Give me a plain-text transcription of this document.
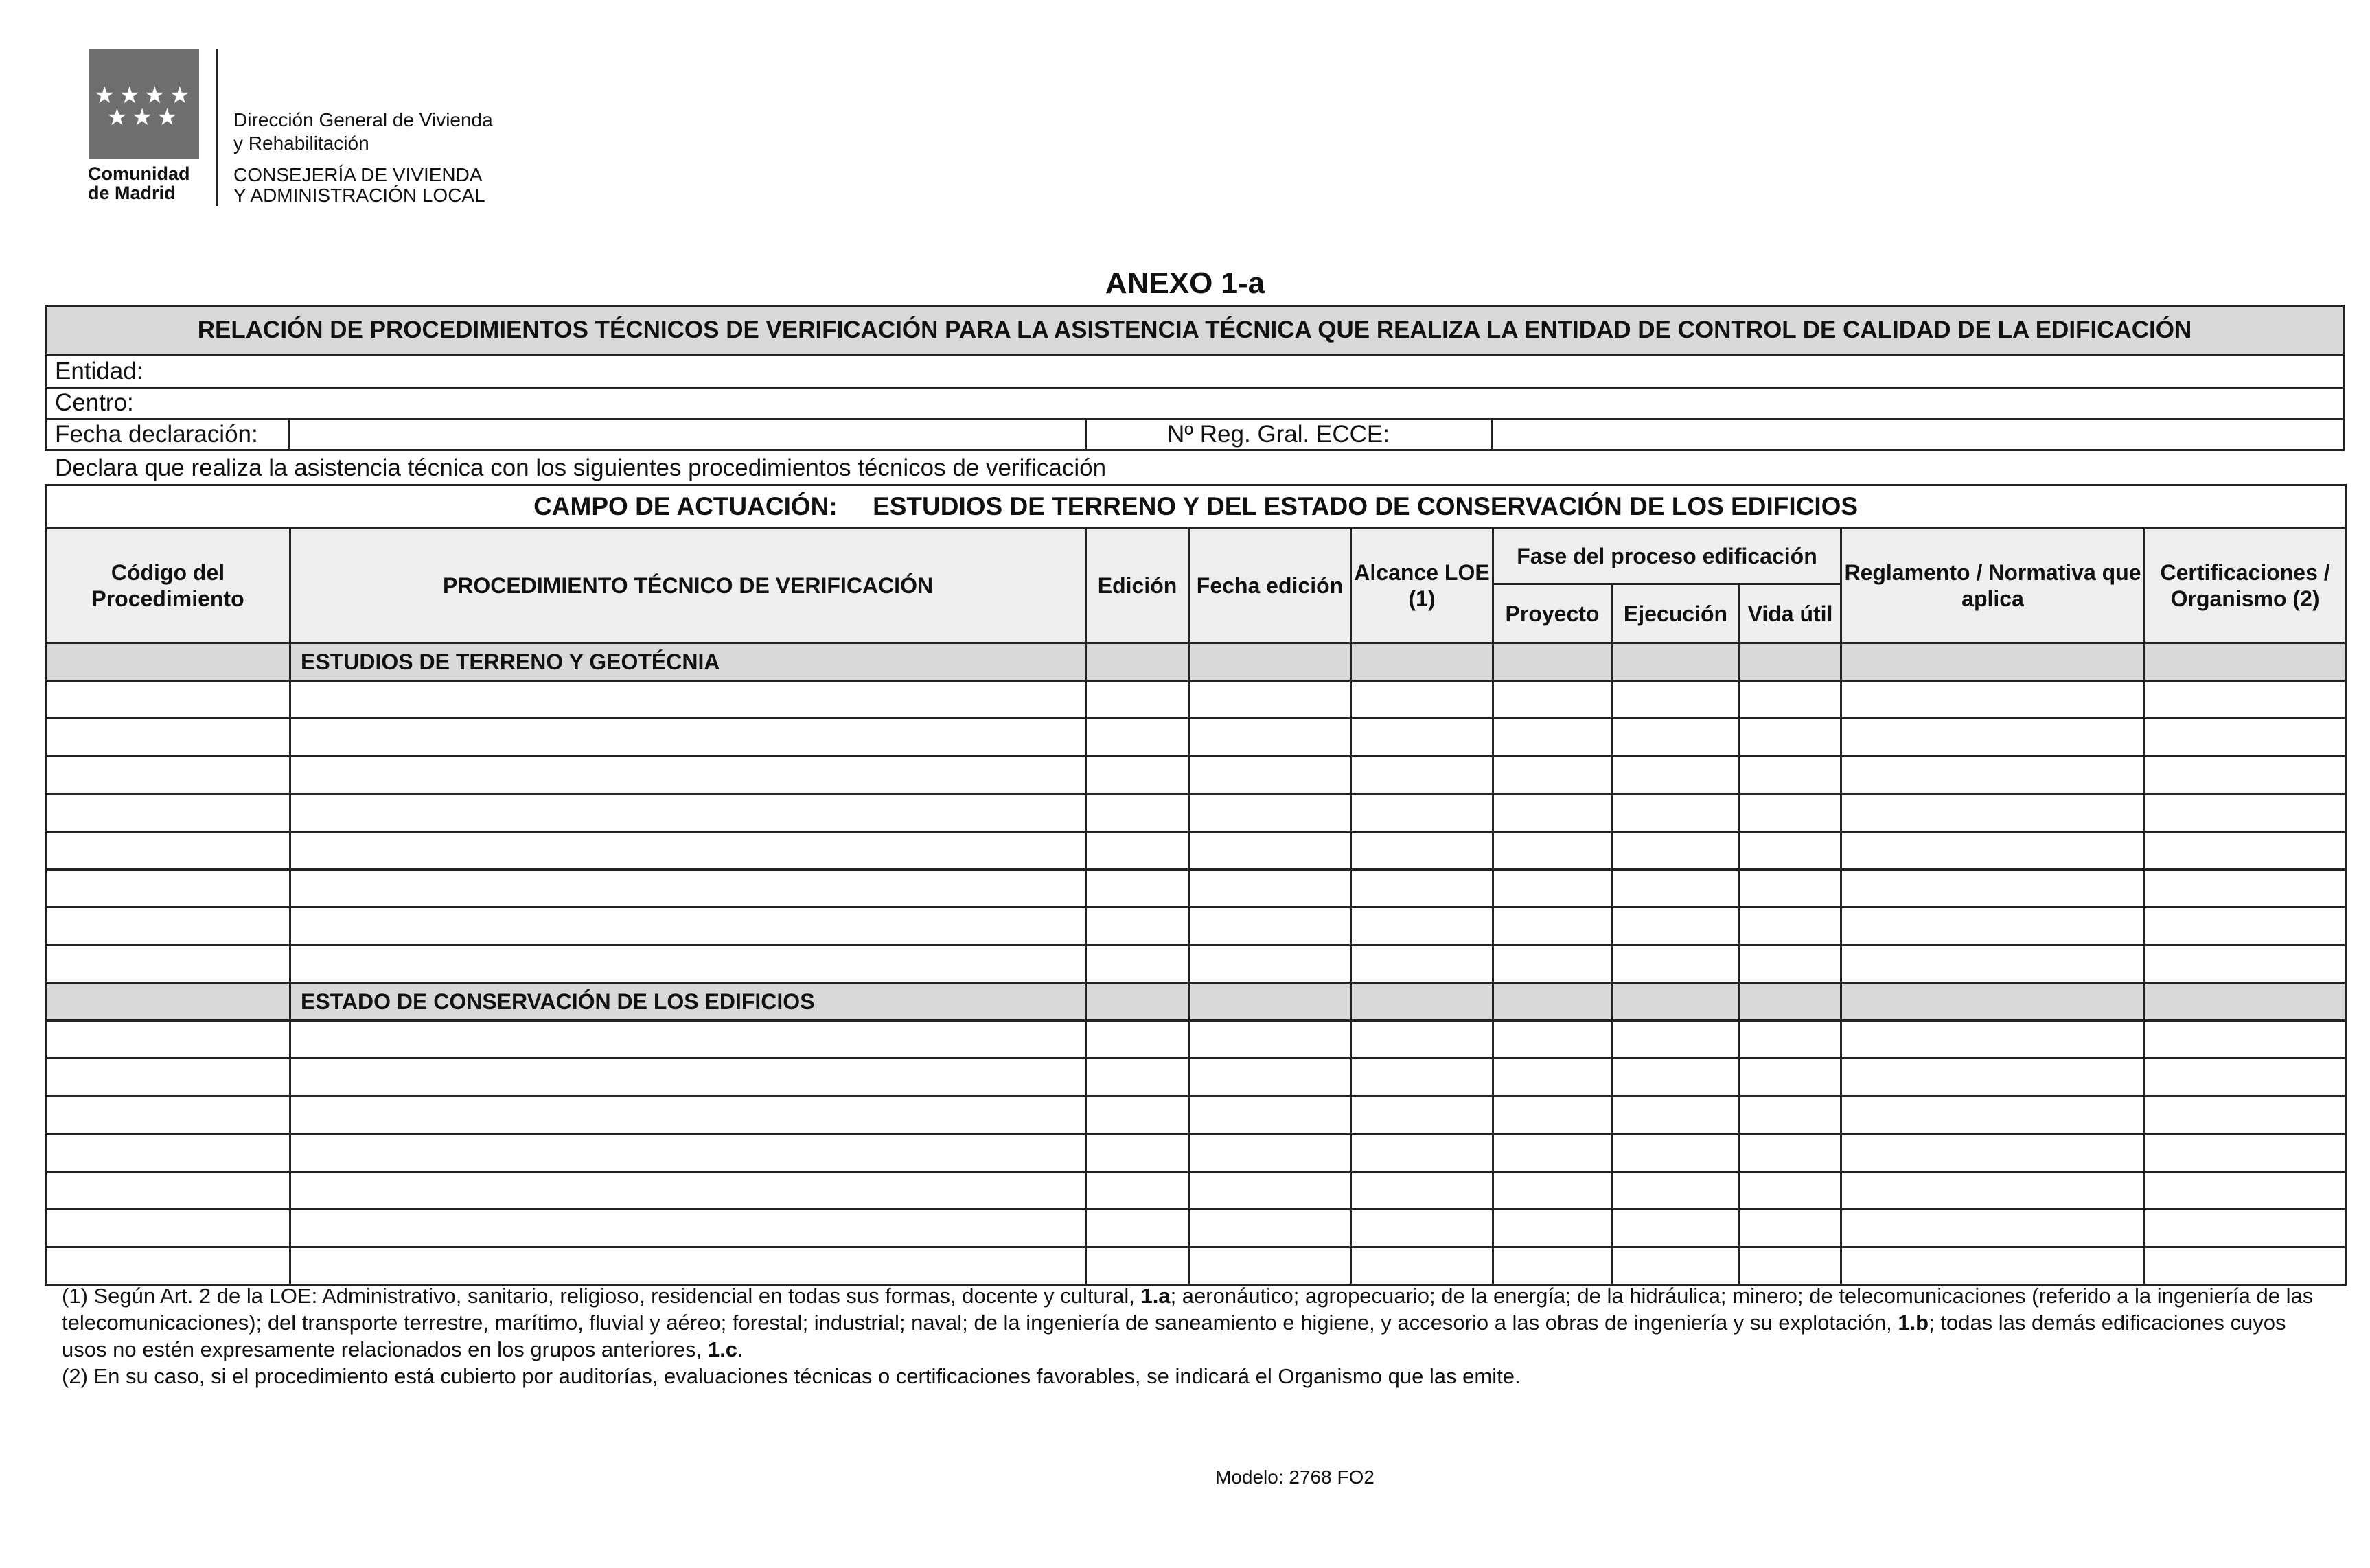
★★★★
★★★
Comunidad
de Madrid
Dirección General de Vivienda
y Rehabilitación
CONSEJERÍA DE VIVIENDA
Y ADMINISTRACIÓN LOCAL
ANEXO 1-a
RELACIÓN DE PROCEDIMIENTOS TÉCNICOS DE VERIFICACIÓN PARA LA ASISTENCIA TÉCNICA QUE REALIZA LA ENTIDAD DE CONTROL DE CALIDAD DE LA EDIFICACIÓN
Entidad:
Centro:
Fecha declaración:	Nº Reg. Gral. ECCE:
Declara que realiza la asistencia técnica con los siguientes procedimientos técnicos de verificación
CAMPO DE ACTUACIÓN: ESTUDIOS DE TERRENO Y DEL ESTADO DE CONSERVACIÓN DE LOS EDIFICIOS									
Código del Procedimiento	PROCEDIMIENTO TÉCNICO DE VERIFICACIÓN	Edición	Fecha edición	Alcance LOE (1)	Fase del proceso edificación			Reglamento / Normativa que aplica	Certificaciones / Organismo (2)
					Proyecto	Ejecución	Vida útil		
	ESTUDIOS DE TERRENO Y GEOTÉCNIA								

	ESTADO DE CONSERVACIÓN DE LOS EDIFICIOS								

(1) Según Art. 2 de la LOE: Administrativo, sanitario, religioso, residencial en todas sus formas, docente y cultural, 1.a; aeronáutico; agropecuario; de la energía; de la hidráulica; minero; de telecomunicaciones (referido a la ingeniería de las telecomunicaciones); del transporte terrestre, marítimo, fluvial y aéreo; forestal; industrial; naval; de la ingeniería de saneamiento e higiene, y accesorio a las obras de ingeniería y su explotación, 1.b; todas las demás edificaciones cuyos usos no estén expresamente relacionados en los grupos anteriores, 1.c.

(2) En su caso, si el procedimiento está cubierto por auditorías, evaluaciones técnicas o certificaciones favorables, se indicará el Organismo que las emite.

Modelo: 2768 FO2
